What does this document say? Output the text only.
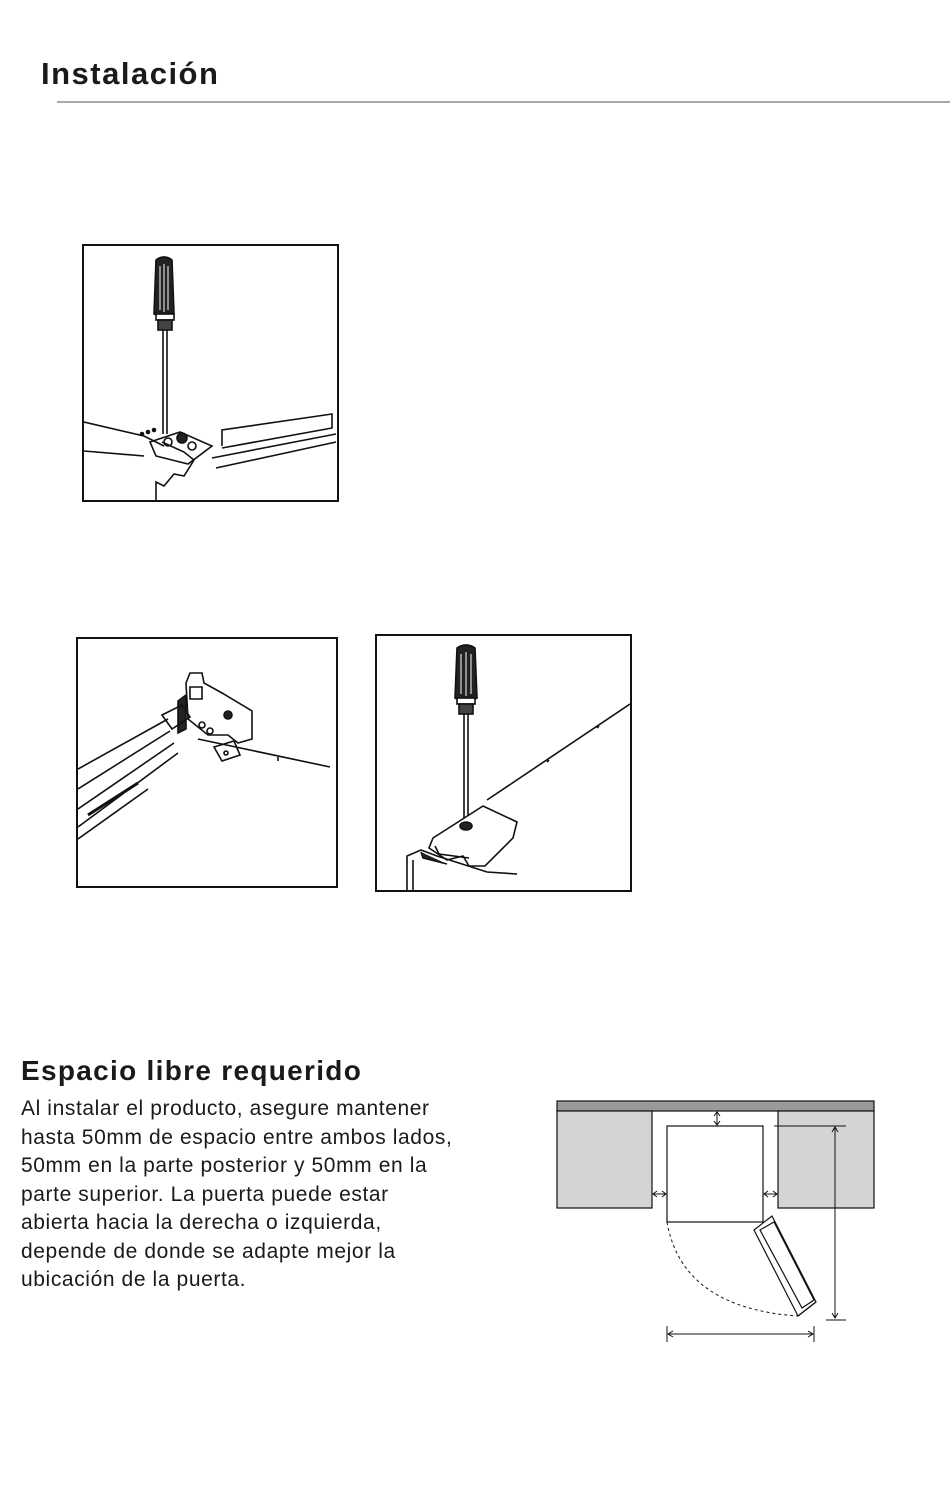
Instalación
Espacio libre requerido

Al instalar el producto, asegure mantener
hasta 50mm de espacio entre ambos lados,
50mm en la parte posterior y 50mm en la
parte superior. La puerta puede estar
abierta hacia la derecha o izquierda,
depende de donde se adapte mejor la
ubicación de la puerta.
